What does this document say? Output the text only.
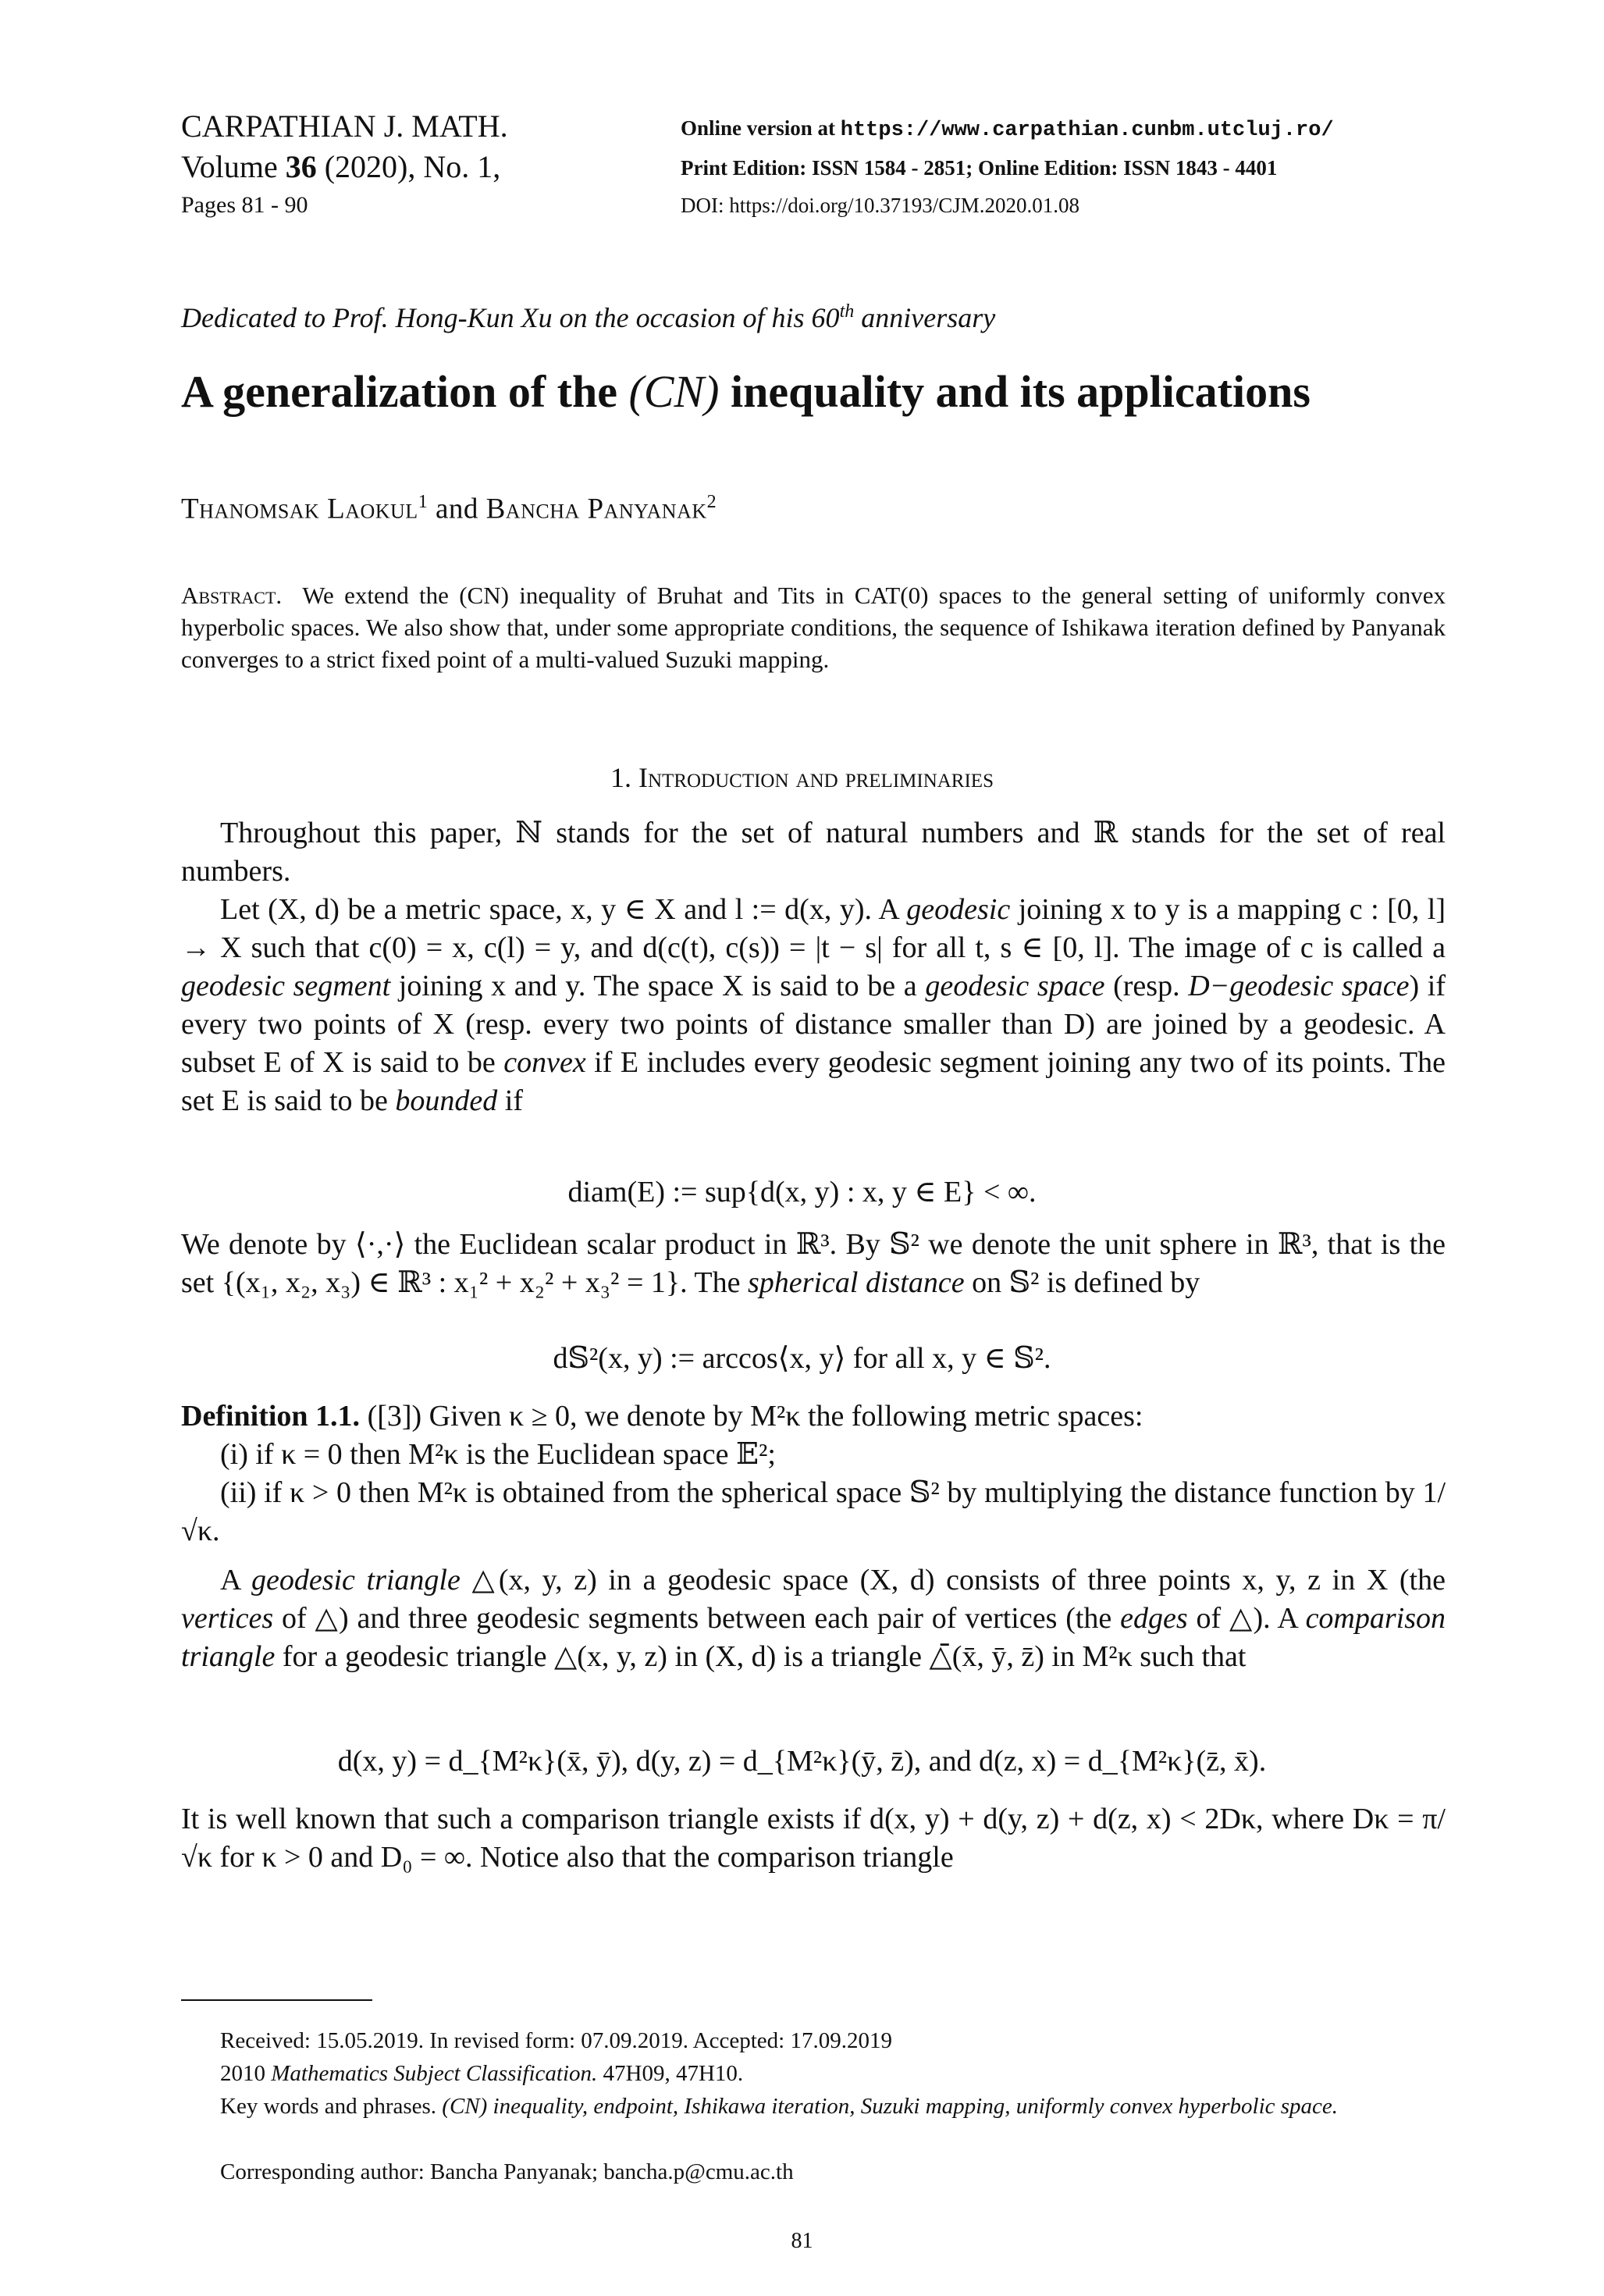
CARPATHIAN J. MATH.
Volume 36 (2020), No. 1,
Pages 81 - 90
Online version at https://www.carpathian.cunbm.utcluj.ro/
Print Edition: ISSN 1584 - 2851; Online Edition: ISSN 1843 - 4401
DOI: https://doi.org/10.37193/CJM.2020.01.08
Dedicated to Prof. Hong-Kun Xu on the occasion of his 60th anniversary
A generalization of the (CN) inequality and its applications
Thanomsak Laokul$^1$ and Bancha Panyanak$^2$
Abstract. We extend the (CN) inequality of Bruhat and Tits in CAT(0) spaces to the general setting of uniformly convex hyperbolic spaces. We also show that, under some appropriate conditions, the sequence of Ishikawa iteration defined by Panyanak converges to a strict fixed point of a multi-valued Suzuki mapping.
1. Introduction and preliminaries
Throughout this paper, ℕ stands for the set of natural numbers and ℝ stands for the set of real numbers.
Let (X, d) be a metric space, x, y ∈ X and l := d(x, y). A geodesic joining x to y is a mapping c : [0, l] → X such that c(0) = x, c(l) = y, and d(c(t), c(s)) = |t − s| for all t, s ∈ [0, l]. The image of c is called a geodesic segment joining x and y. The space X is said to be a geodesic space (resp. D−geodesic space) if every two points of X (resp. every two points of distance smaller than D) are joined by a geodesic. A subset E of X is said to be convex if E includes every geodesic segment joining any two of its points. The set E is said to be bounded if
diam(E) := sup{d(x, y) : x, y ∈ E} < ∞.
We denote by ⟨·,·⟩ the Euclidean scalar product in ℝ³. By 𝕊² we denote the unit sphere in ℝ³, that is the set {(x₁, x₂, x₃) ∈ ℝ³ : x₁² + x₂² + x₃² = 1}. The spherical distance on 𝕊² is defined by
d𝕊²(x, y) := arccos⟨x, y⟩ for all x, y ∈ 𝕊².
Definition 1.1. ([3]) Given κ ≥ 0, we denote by M²κ the following metric spaces:
(i) if κ = 0 then M²κ is the Euclidean space 𝔼²;
(ii) if κ > 0 then M²κ is obtained from the spherical space 𝕊² by multiplying the distance function by 1/√κ.
A geodesic triangle △(x, y, z) in a geodesic space (X, d) consists of three points x, y, z in X (the vertices of △) and three geodesic segments between each pair of vertices (the edges of △). A comparison triangle for a geodesic triangle △(x, y, z) in (X, d) is a triangle △̄(x̄, ȳ, z̄) in M²κ such that
d(x, y) = d_{M²κ}(x̄, ȳ), d(y, z) = d_{M²κ}(ȳ, z̄), and d(z, x) = d_{M²κ}(z̄, x̄).
It is well known that such a comparison triangle exists if d(x, y) + d(y, z) + d(z, x) < 2Dκ, where Dκ = π/√κ for κ > 0 and D₀ = ∞. Notice also that the comparison triangle
Received: 15.05.2019. In revised form: 07.09.2019. Accepted: 17.09.2019
2010 Mathematics Subject Classification. 47H09, 47H10.
Key words and phrases. (CN) inequality, endpoint, Ishikawa iteration, Suzuki mapping, uniformly convex hyperbolic space.
Corresponding author: Bancha Panyanak; bancha.p@cmu.ac.th
81
